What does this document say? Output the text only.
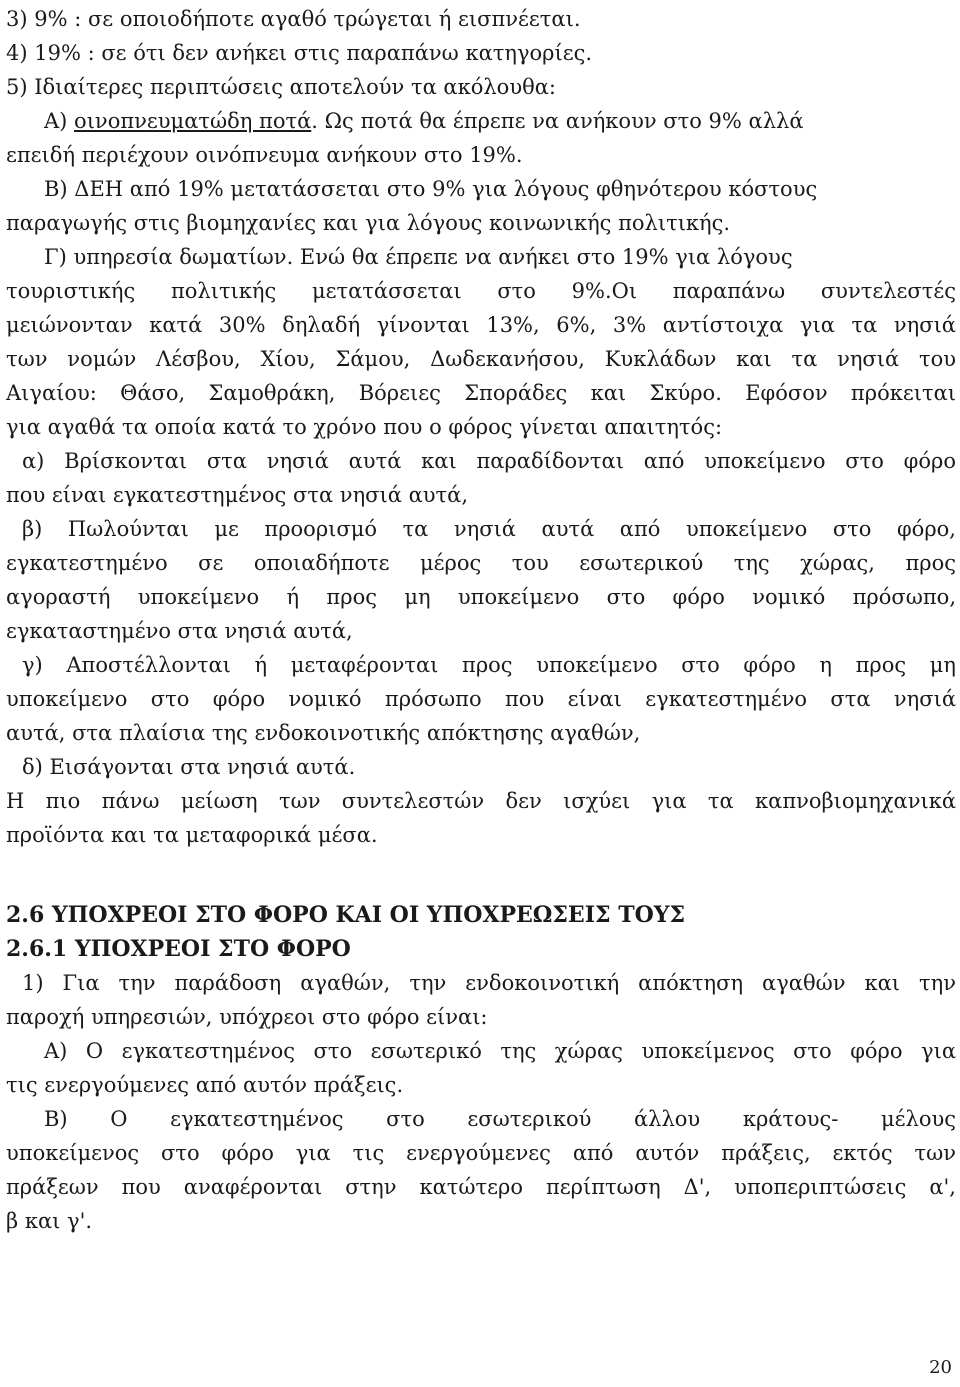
3) 9% : σε οποιοδήποτε αγαθό τρώγεται ή εισπνέεται.
4) 19% : σε ότι δεν ανήκει στις παραπάνω κατηγορίες.
5) Ιδιαίτερες περιπτώσεις αποτελούν τα ακόλουθα:
Α) οινοπνευματώδη ποτά. Ως ποτά θα έπρεπε να ανήκουν στο 9% αλλά
επειδή περιέχουν οινόπνευμα ανήκουν στο 19%.
Β) ΔΕΗ από 19% μετατάσσεται στο 9% για λόγους φθηνότερου κόστους
παραγωγής στις βιομηχανίες και για λόγους κοινωνικής πολιτικής.
Γ) υπηρεσία δωματίων. Ενώ θα έπρεπε να ανήκει στο 19% για λόγους
τουριστικής πολιτικής μετατάσσεται στο 9%.Οι παραπάνω συντελεστές
μειώνονταν κατά 30% δηλαδή γίνονται 13%, 6%, 3% αντίστοιχα για τα νησιά
των νομών Λέσβου, Χίου, Σάμου, Δωδεκανήσου, Κυκλάδων και τα νησιά του
Αιγαίου: Θάσο, Σαμοθράκη, Βόρειες Σποράδες και Σκύρο. Εφόσον πρόκειται
για αγαθά τα οποία κατά το χρόνο που ο φόρος γίνεται απαιτητός:
α) Βρίσκονται στα νησιά αυτά και παραδίδονται από υποκείμενο στο φόρο
που είναι εγκατεστημένος στα νησιά αυτά,
β) Πωλούνται με προορισμό τα νησιά αυτά από υποκείμενο στο φόρο,
εγκατεστημένο σε οποιαδήποτε μέρος του εσωτερικού της χώρας, προς
αγοραστή υποκείμενο ή προς μη υποκείμενο στο φόρο νομικό πρόσωπο,
εγκαταστημένο στα νησιά αυτά,
γ) Αποστέλλονται ή μεταφέρονται προς υποκείμενο στο φόρο η προς μη
υποκείμενο στο φόρο νομικό πρόσωπο που είναι εγκατεστημένο στα νησιά
αυτά, στα πλαίσια της ενδοκοινοτικής απόκτησης αγαθών,
δ) Εισάγονται στα νησιά αυτά.
Η πιο πάνω μείωση των συντελεστών δεν ισχύει για τα καπνοβιομηχανικά
προϊόντα και τα μεταφορικά μέσα.
2.6 ΥΠΟΧΡΕΟΙ ΣΤΟ ΦΟΡΟ ΚΑΙ ΟΙ ΥΠΟΧΡΕΩΣΕΙΣ ΤΟΥΣ
2.6.1 ΥΠΟΧΡΕΟΙ ΣΤΟ ΦΟΡΟ
1) Για την παράδοση αγαθών, την ενδοκοινοτική απόκτηση αγαθών και την
παροχή υπηρεσιών, υπόχρεοι στο φόρο είναι:
Α) Ο εγκατεστημένος στο εσωτερικό της χώρας υποκείμενος στο φόρο για
τις ενεργούμενες από αυτόν πράξεις.
Β) Ο εγκατεστημένος στο εσωτερικού άλλου κράτους- μέλους
υποκείμενος στο φόρο για τις ενεργούμενες από αυτόν πράξεις, εκτός των
πράξεων που αναφέρονται στην κατώτερο περίπτωση Δ', υποπεριπτώσεις α',
β και γ'.
20
